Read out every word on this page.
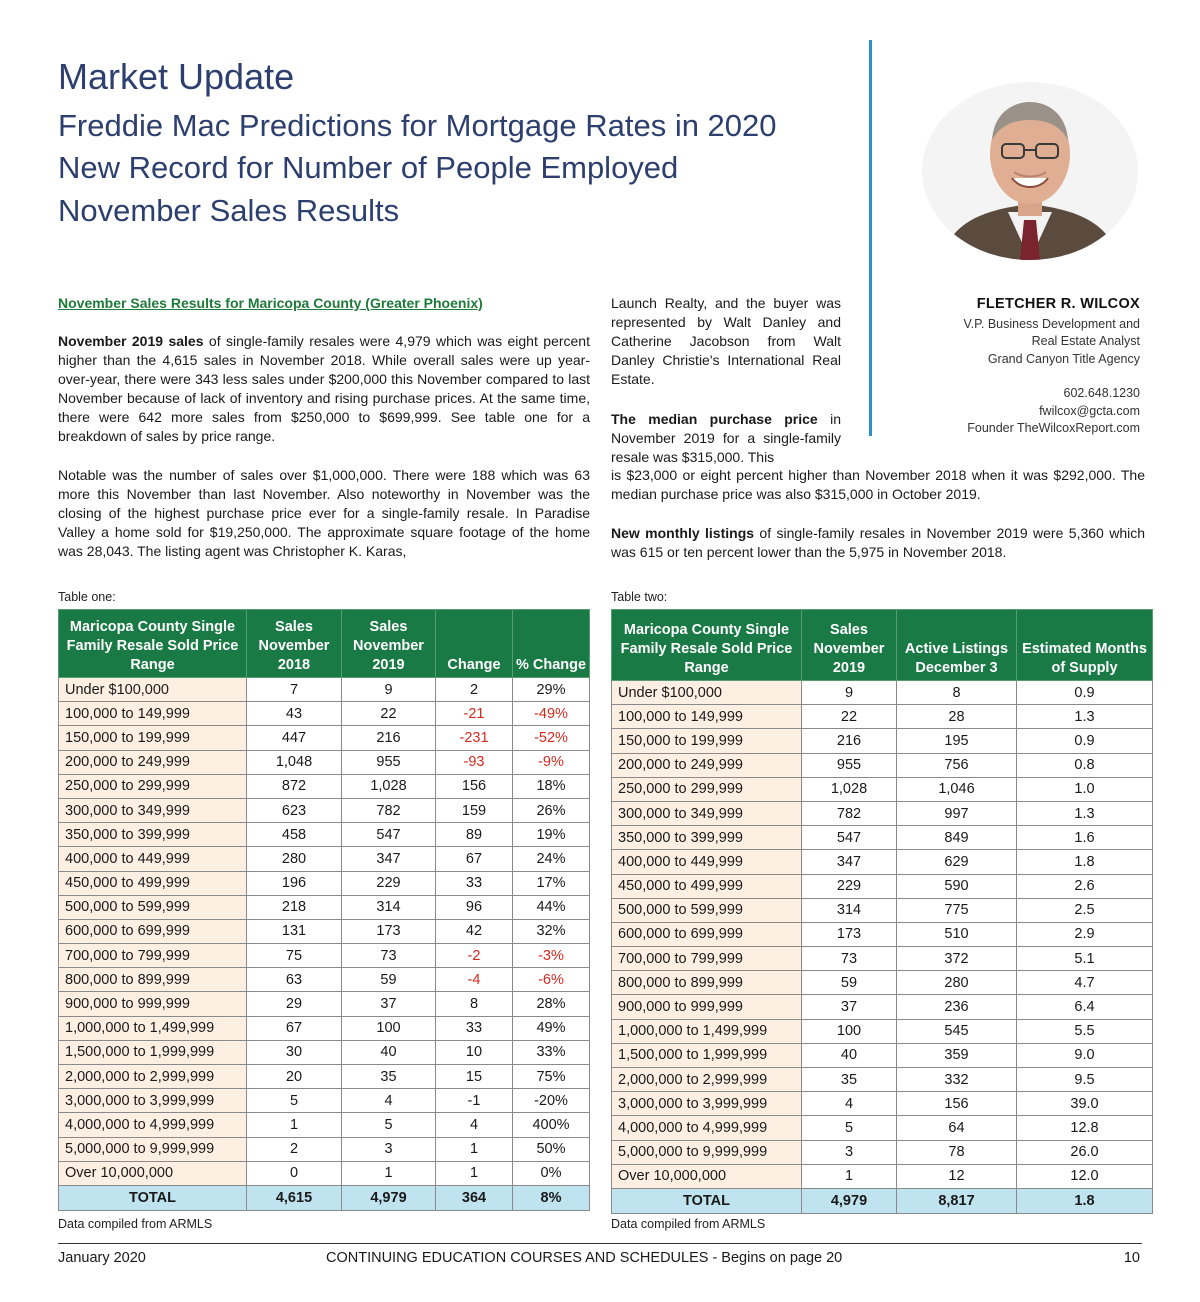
Market Update
Freddie Mac Predictions for Mortgage Rates in 2020
New Record for Number of People Employed
November Sales Results
FLETCHER R. WILCOX
V.P. Business Development and
Real Estate Analyst
Grand Canyon Title Agency
602.648.1230
fwilcox@gcta.com
Founder TheWilcoxReport.com
November Sales Results for Maricopa County (Greater Phoenix)

November 2019 sales of single-family resales were 4,979 which was eight percent higher than the 4,615 sales in November 2018. While overall sales were up year-over-year, there were 343 less sales under $200,000 this November compared to last November because of lack of inventory and rising purchase prices. At the same time, there were 642 more sales from $250,000 to $699,999. See table one for a breakdown of sales by price range.

Notable was the number of sales over $1,000,000. There were 188 which was 63 more this November than last November. Also noteworthy in November was the closing of the highest purchase price ever for a single-family resale. In Paradise Valley a home sold for $19,250,000. The approximate square footage of the home was 28,043. The listing agent was Christopher K. Karas,

Launch Realty, and the buyer was represented by Walt Danley and Catherine Jacobson from Walt Danley Christie's International Real Estate.

The median purchase price in November 2019 for a single-family resale was $315,000. This

is $23,000 or eight percent higher than November 2018 when it was $292,000. The median purchase price was also $315,000 in October 2019.

New monthly listings of single-family resales in November 2019 were 5,360 which was 615 or ten percent lower than the 5,975 in November 2018.

Table one:
Maricopa County Single Family Resale Sold Price Range	Sales November 2018	Sales November 2019	Change	% Change
Under $100,000	7	9	2	29%
100,000 to 149,999	43	22	-21	-49%
150,000 to 199,999	447	216	-231	-52%
200,000 to 249,999	1,048	955	-93	-9%
250,000 to 299,999	872	1,028	156	18%
300,000 to 349,999	623	782	159	26%
350,000 to 399,999	458	547	89	19%
400,000 to 449,999	280	347	67	24%
450,000 to 499,999	196	229	33	17%
500,000 to 599,999	218	314	96	44%
600,000 to 699,999	131	173	42	32%
700,000 to 799,999	75	73	-2	-3%
800,000 to 899,999	63	59	-4	-6%
900,000 to 999,999	29	37	8	28%
1,000,000 to 1,499,999	67	100	33	49%
1,500,000 to 1,999,999	30	40	10	33%
2,000,000 to 2,999,999	20	35	15	75%
3,000,000 to 3,999,999	5	4	-1	-20%
4,000,000 to 4,999,999	1	5	4	400%
5,000,000 to 9,999,999	2	3	1	50%
Over 10,000,000	0	1	1	0%
TOTAL	4,615	4,979	364	8%
Data compiled from ARMLS
Table two:
Maricopa County Single Family Resale Sold Price Range	Sales November 2019	Active Listings December 3	Estimated Months of Supply
Under $100,000	9	8	0.9
100,000 to 149,999	22	28	1.3
150,000 to 199,999	216	195	0.9
200,000 to 249,999	955	756	0.8
250,000 to 299,999	1,028	1,046	1.0
300,000 to 349,999	782	997	1.3
350,000 to 399,999	547	849	1.6
400,000 to 449,999	347	629	1.8
450,000 to 499,999	229	590	2.6
500,000 to 599,999	314	775	2.5
600,000 to 699,999	173	510	2.9
700,000 to 799,999	73	372	5.1
800,000 to 899,999	59	280	4.7
900,000 to 999,999	37	236	6.4
1,000,000 to 1,499,999	100	545	5.5
1,500,000 to 1,999,999	40	359	9.0
2,000,000 to 2,999,999	35	332	9.5
3,000,000 to 3,999,999	4	156	39.0
4,000,000 to 4,999,999	5	64	12.8
5,000,000 to 9,999,999	3	78	26.0
Over 10,000,000	1	12	12.0
TOTAL	4,979	8,817	1.8
Data compiled from ARMLS
January 2020	CONTINUING EDUCATION COURSES AND SCHEDULES - Begins on page 20	10
